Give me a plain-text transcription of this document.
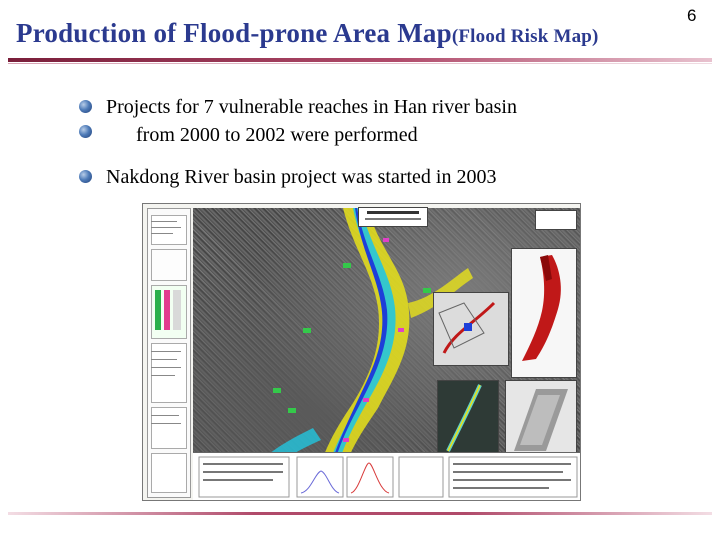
6
Production of Flood-prone Area Map(Flood Risk Map)
Projects for 7 vulnerable reaches in Han river basin
from 2000 to 2002 were performed
Nakdong River basin project was started in 2003
